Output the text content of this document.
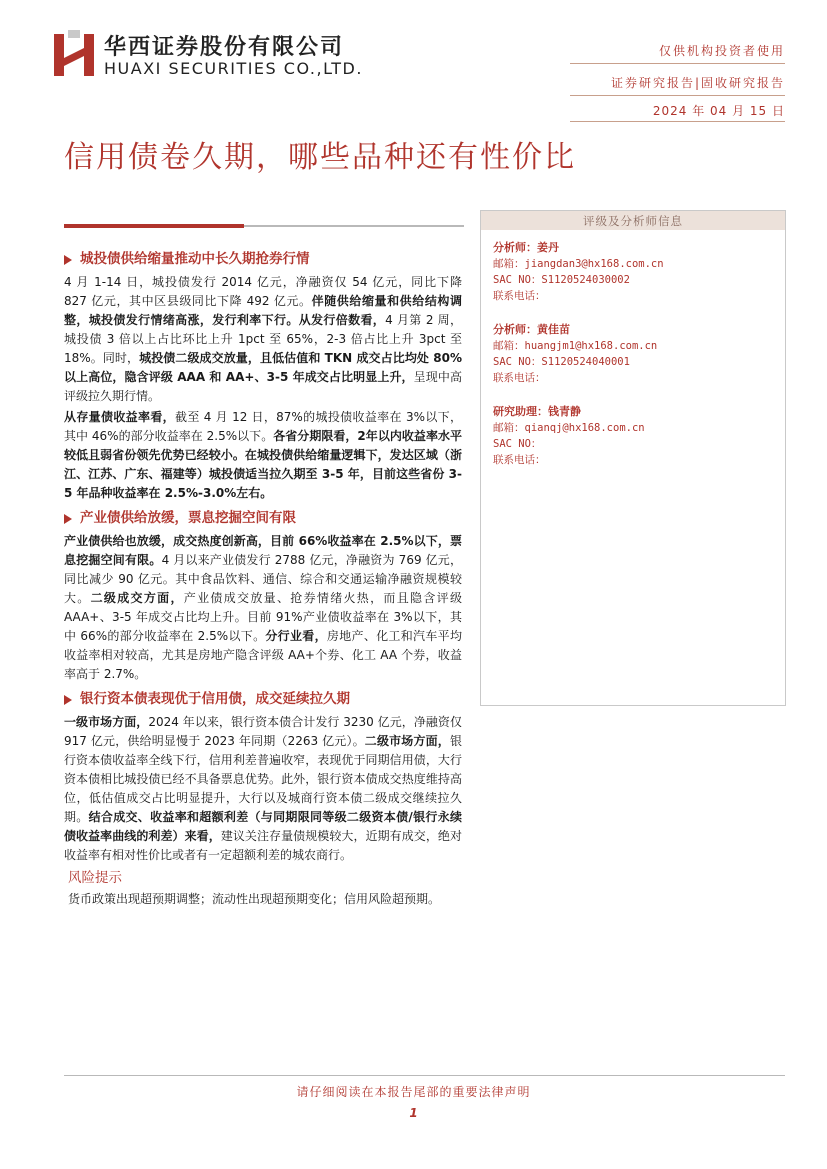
华西证券股份有限公司
HUAXI SECURITIES CO.,LTD.
仅供机构投资者使用
证券研究报告|固收研究报告
2024 年 04 月 15 日
信用债卷久期，哪些品种还有性价比
城投债供给缩量推动中长久期抢券行情
4 月 1-14 日，城投债发行 2014 亿元，净融资仅 54 亿元，同比下降 827 亿元，其中区县级同比下降 492 亿元。伴随供给缩量和供给结构调整，城投债发行情绪高涨，发行利率下行。从发行倍数看，4 月第 2 周，城投债 3 倍以上占比环比上升 1pct 至 65%，2-3 倍占比上升 3pct 至 18%。同时，城投债二级成交放量，且低估值和 TKN 成交占比均处 80%以上高位，隐含评级 AAA 和 AA+、3-5 年成交占比明显上升，呈现中高评级拉久期行情。
从存量债收益率看，截至 4 月 12 日，87%的城投债收益率在 3%以下，其中 46%的部分收益率在 2.5%以下。各省分期限看，2年以内收益率水平较低且弱省份领先优势已经较小。在城投债供给缩量逻辑下，发达区域（浙江、江苏、广东、福建等）城投债适当拉久期至 3-5 年，目前这些省份 3-5 年品种收益率在 2.5%-3.0%左右。
产业债供给放缓，票息挖掘空间有限
产业债供给也放缓，成交热度创新高，目前 66%收益率在 2.5%以下，票息挖掘空间有限。4 月以来产业债发行 2788 亿元，净融资为 769 亿元，同比减少 90 亿元。其中食品饮料、通信、综合和交通运输净融资规模较大。二级成交方面，产业债成交放量、抢券情绪火热，而且隐含评级 AAA+、3-5 年成交占比均上升。目前 91%产业债收益率在 3%以下，其中 66%的部分收益率在 2.5%以下。分行业看，房地产、化工和汽车平均收益率相对较高，尤其是房地产隐含评级 AA+个券、化工 AA 个券，收益率高于 2.7%。
银行资本债表现优于信用债，成交延续拉久期
一级市场方面，2024 年以来，银行资本债合计发行 3230 亿元，净融资仅 917 亿元，供给明显慢于 2023 年同期（2263 亿元）。二级市场方面，银行资本债收益率全线下行，信用利差普遍收窄，表现优于同期信用债，大行资本债相比城投债已经不具备票息优势。此外，银行资本债成交热度维持高位，低估值成交占比明显提升，大行以及城商行资本债二级成交继续拉久期。结合成交、收益率和超额利差（与同期限同等级二级资本债/银行永续债收益率曲线的利差）来看，建议关注存量债规模较大，近期有成交，绝对收益率有相对性价比或者有一定超额利差的城农商行。
风险提示
货币政策出现超预期调整；流动性出现超预期变化；信用风险超预期。
评级及分析师信息
分析师：姜丹
邮箱：jiangdan3@hx168.com.cn
SAC NO：S1120524030002
联系电话：
分析师：黄佳苗
邮箱：huangjm1@hx168.com.cn
SAC NO：S1120524040001
联系电话：
研究助理：钱青静
邮箱：qianqj@hx168.com.cn
SAC NO：
联系电话：
请仔细阅读在本报告尾部的重要法律声明
1
